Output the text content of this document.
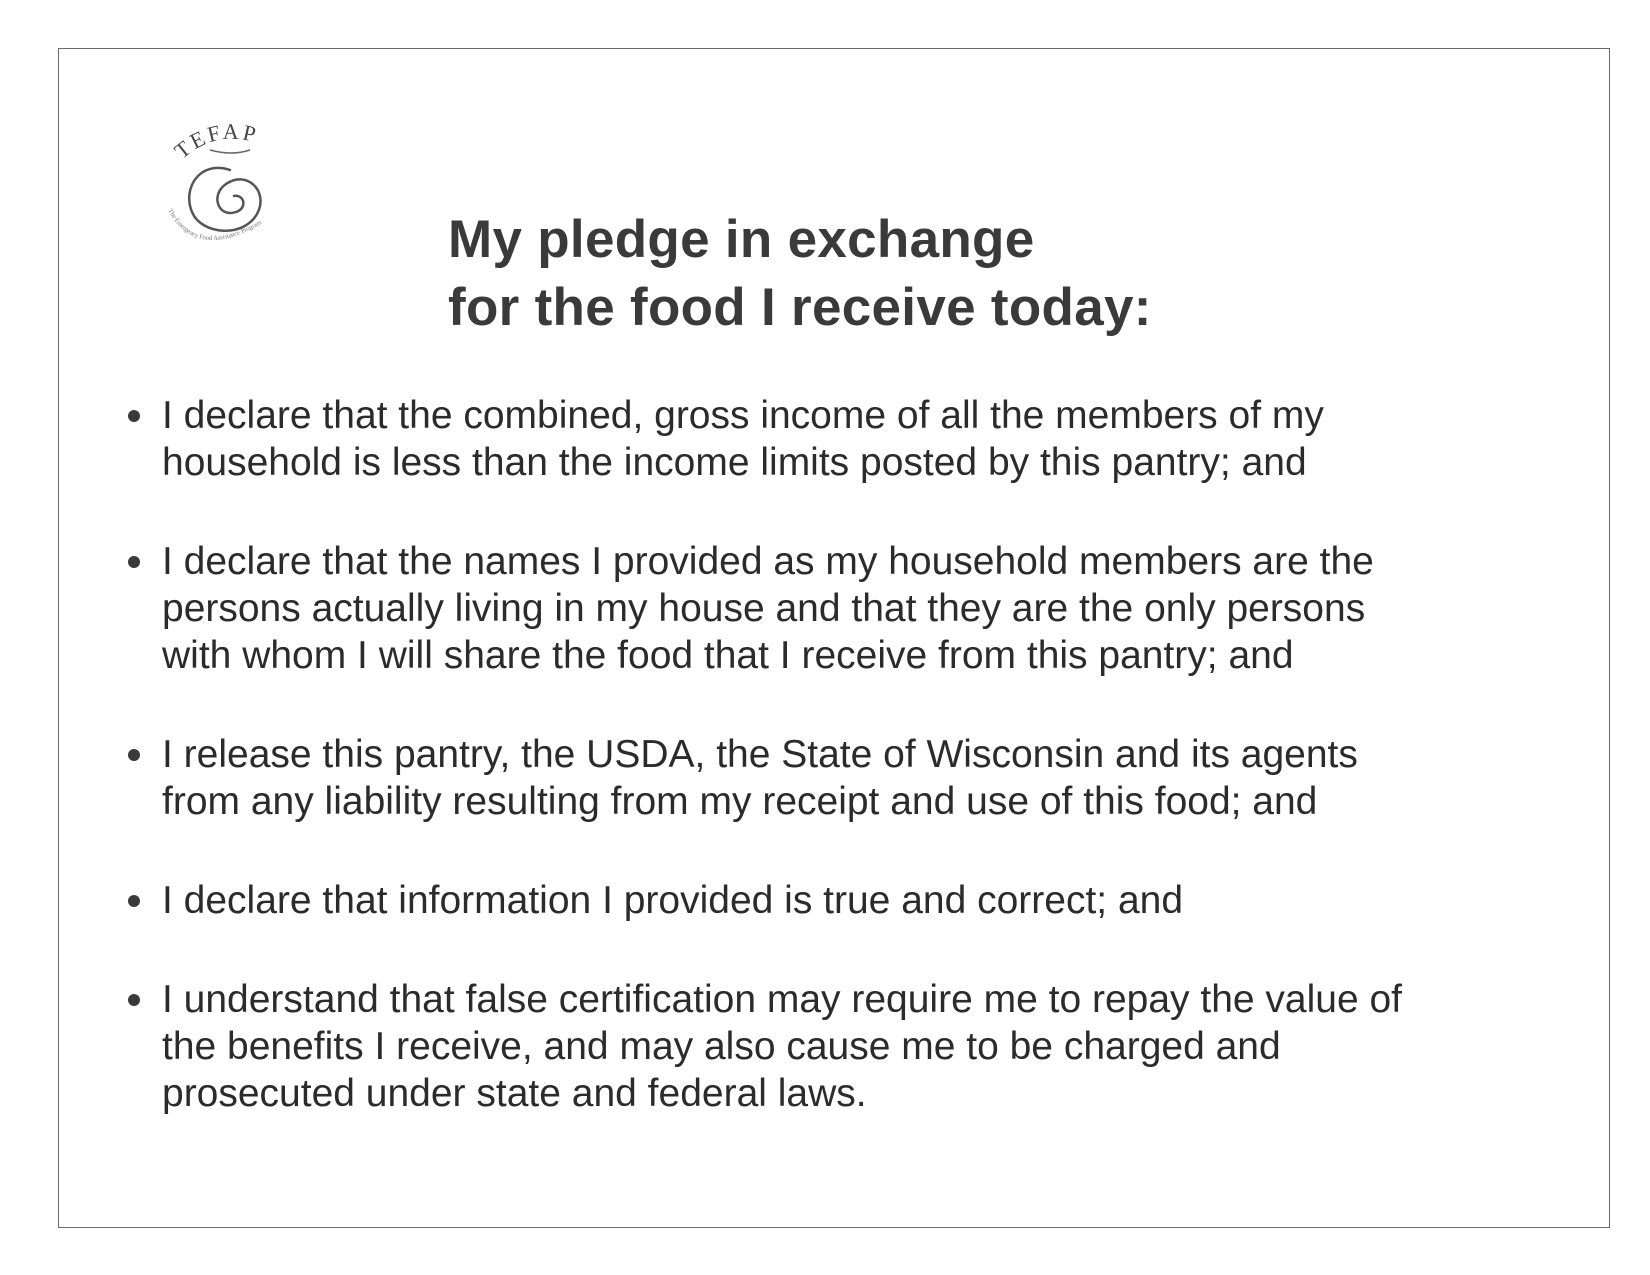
TEFAP
The Emergency Food Assistance Program	My pledge in exchange
for the food I receive today:
I declare that the combined, gross income of all the members of my
household is less than the income limits posted by this pantry; and
I declare that the names I provided as my household members are the
persons actually living in my house and that they are the only persons
with whom I will share the food that I receive from this pantry; and
I release this pantry, the USDA, the State of Wisconsin and its agents
from any liability resulting from my receipt and use of this food; and
I declare that information I provided is true and correct; and
I understand that false certification may require me to repay the value of
the benefits I receive, and may also cause me to be charged and
prosecuted under state and federal laws.
